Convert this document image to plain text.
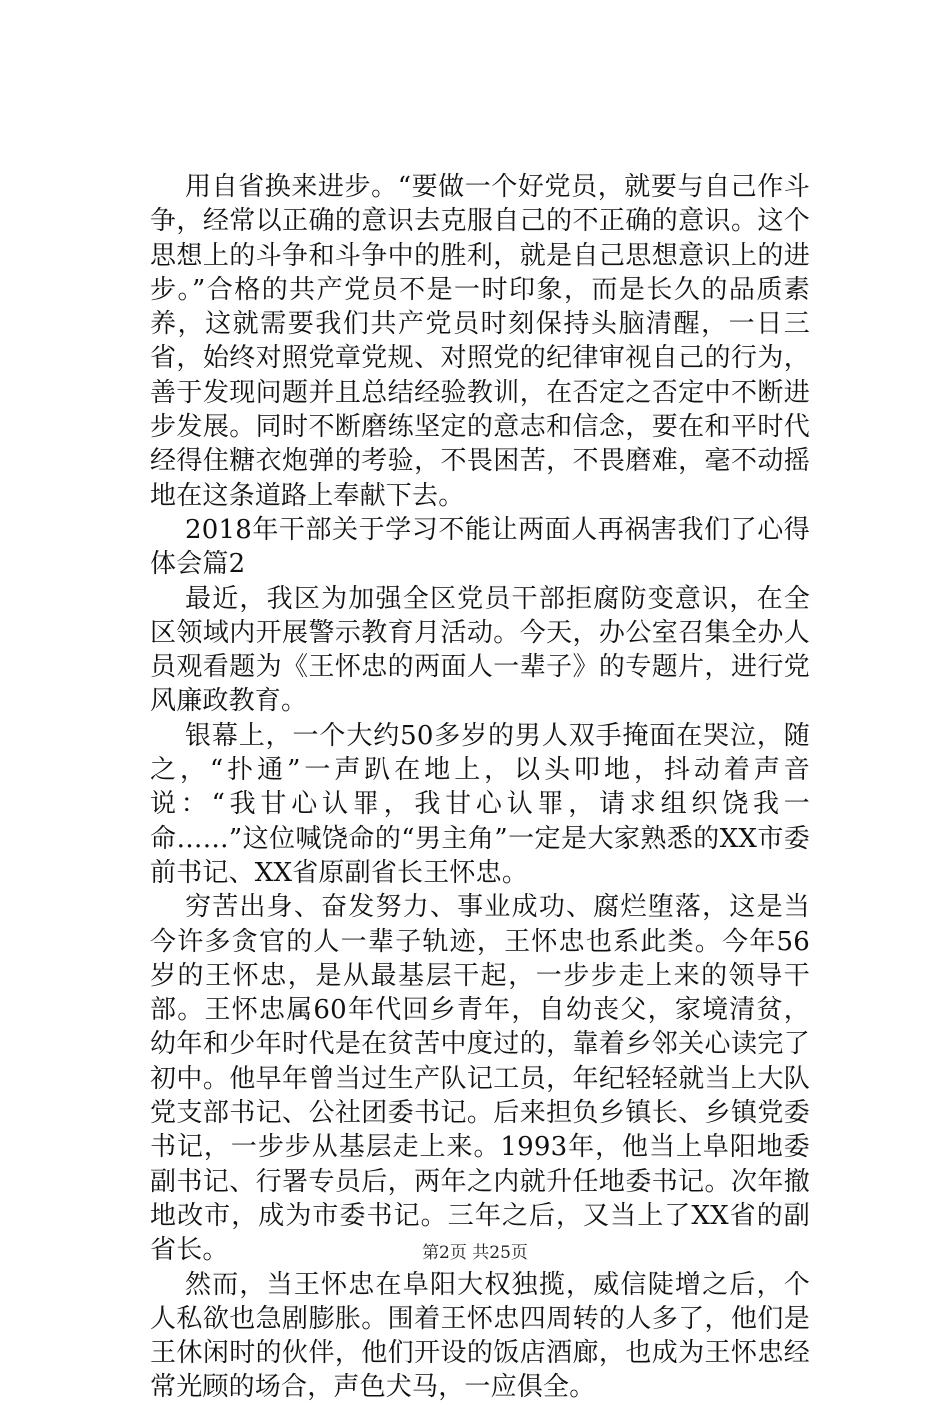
用自省换来进步。“要做一个好党员，就要与自己作斗争，经常以正确的意识去克服自己的不正确的意识。这个思想上的斗争和斗争中的胜利，就是自己思想意识上的进步。”合格的共产党员不是一时印象，而是长久的品质素养，这就需要我们共产党员时刻保持头脑清醒，一日三省，始终对照党章党规、对照党的纪律审视自己的行为，善于发现问题并且总结经验教训，在否定之否定中不断进步发展。同时不断磨练坚定的意志和信念，要在和平时代经得住糖衣炮弹的考验，不畏困苦，不畏磨难，毫不动摇地在这条道路上奉献下去。

2018年干部关于学习不能让两面人再祸害我们了心得体会篇2

最近，我区为加强全区党员干部拒腐防变意识，在全区领域内开展警示教育月活动。今天，办公室召集全办人员观看题为《王怀忠的两面人一辈子》的专题片，进行党风廉政教育。

银幕上，一个大约50多岁的男人双手掩面在哭泣，随之，“扑通”一声趴在地上，以头叩地，抖动着声音说：“我甘心认罪，我甘心认罪，请求组织饶我一命……”这位喊饶命的“男主角”一定是大家熟悉的XX市委前书记、XX省原副省长王怀忠。

穷苦出身、奋发努力、事业成功、腐烂堕落，这是当今许多贪官的人一辈子轨迹，王怀忠也系此类。今年56岁的王怀忠，是从最基层干起，一步步走上来的领导干部。王怀忠属60年代回乡青年，自幼丧父，家境清贫，幼年和少年时代是在贫苦中度过的，靠着乡邻关心读完了初中。他早年曾当过生产队记工员，年纪轻轻就当上大队党支部书记、公社团委书记。后来担负乡镇长、乡镇党委书记，一步步从基层走上来。1993年，他当上阜阳地委副书记、行署专员后，两年之内就升任地委书记。次年撤地改市，成为市委书记。三年之后，又当上了XX省的副省长。

然而，当王怀忠在阜阳大权独揽，威信陡增之后，个人私欲也急剧膨胀。围着王怀忠四周转的人多了，他们是王休闲时的伙伴，他们开设的饭店酒廊，也成为王怀忠经常光顾的场合，声色犬马，一应俱全。

第2页 共25页
